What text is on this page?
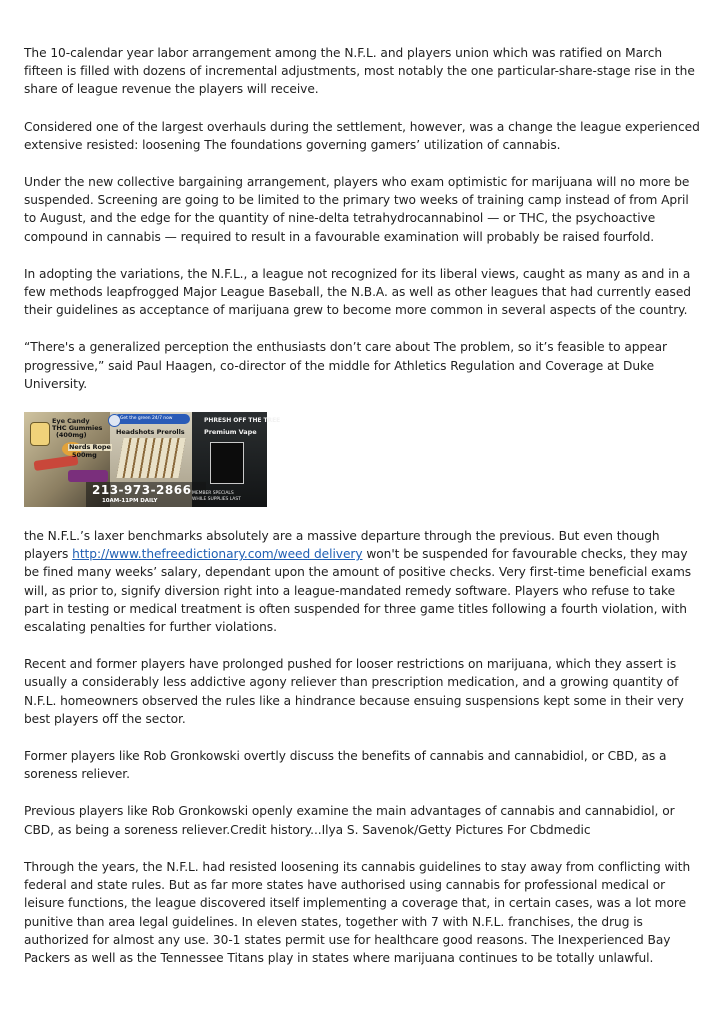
The 10-calendar year labor arrangement among the N.F.L. and players union which was ratified on March fifteen is filled with dozens of incremental adjustments, most notably the one particular-share-stage rise in the share of league revenue the players will receive.

Considered one of the largest overhauls during the settlement, however, was a change the league experienced extensive resisted: loosening The foundations governing gamers’ utilization of cannabis.

Under the new collective bargaining arrangement, players who exam optimistic for marijuana will no more be suspended. Screening are going to be limited to the primary two weeks of training camp instead of from April to August, and the edge for the quantity of nine-delta tetrahydrocannabinol — or THC, the psychoactive compound in cannabis — required to result in a favourable examination will probably be raised fourfold.

In adopting the variations, the N.F.L., a league not recognized for its liberal views, caught as many as and in a few methods leapfrogged Major League Baseball, the N.B.A. as well as other leagues that had currently eased their guidelines as acceptance of marijuana grew to become more common in several aspects of the country.

“There's a generalized perception the enthusiasts don’t care about The problem, so it’s feasible to appear progressive,” said Paul Haagen, co-director of the middle for Athletics Regulation and Coverage at Duke University.

Get the green 24/7 now
Eye Candy
THC Gummies
(400mg)
Nerds Rope
500mg
Headshots Prerolls
PHRESH OFF THE TREE
Premium Vape
213-973-2866
10AM-11PM DAILY
MEMBER SPECIALS
WHILE SUPPLIES LAST

the N.F.L.’s laxer benchmarks absolutely are a massive departure through the previous. But even though players http://www.thefreedictionary.com/weed delivery won't be suspended for favourable checks, they may be fined many weeks’ salary, dependant upon the amount of positive checks. Very first-time beneficial exams will, as prior to, signify diversion right into a league-mandated remedy software. Players who refuse to take part in testing or medical treatment is often suspended for three game titles following a fourth violation, with escalating penalties for further violations.

Recent and former players have prolonged pushed for looser restrictions on marijuana, which they assert is usually a considerably less addictive agony reliever than prescription medication, and a growing quantity of N.F.L. homeowners observed the rules like a hindrance because ensuing suspensions kept some in their very best players off the sector.

Former players like Rob Gronkowski overtly discuss the benefits of cannabis and cannabidiol, or CBD, as a soreness reliever.

Previous players like Rob Gronkowski openly examine the main advantages of cannabis and cannabidiol, or CBD, as being a soreness reliever.Credit history...Ilya S. Savenok/Getty Pictures For Cbdmedic

Through the years, the N.F.L. had resisted loosening its cannabis guidelines to stay away from conflicting with federal and state rules. But as far more states have authorised using cannabis for professional medical or leisure functions, the league discovered itself implementing a coverage that, in certain cases, was a lot more punitive than area legal guidelines. In eleven states, together with 7 with N.F.L. franchises, the drug is authorized for almost any use. 30-1 states permit use for healthcare good reasons. The Inexperienced Bay Packers as well as the Tennessee Titans play in states where marijuana continues to be totally unlawful.
